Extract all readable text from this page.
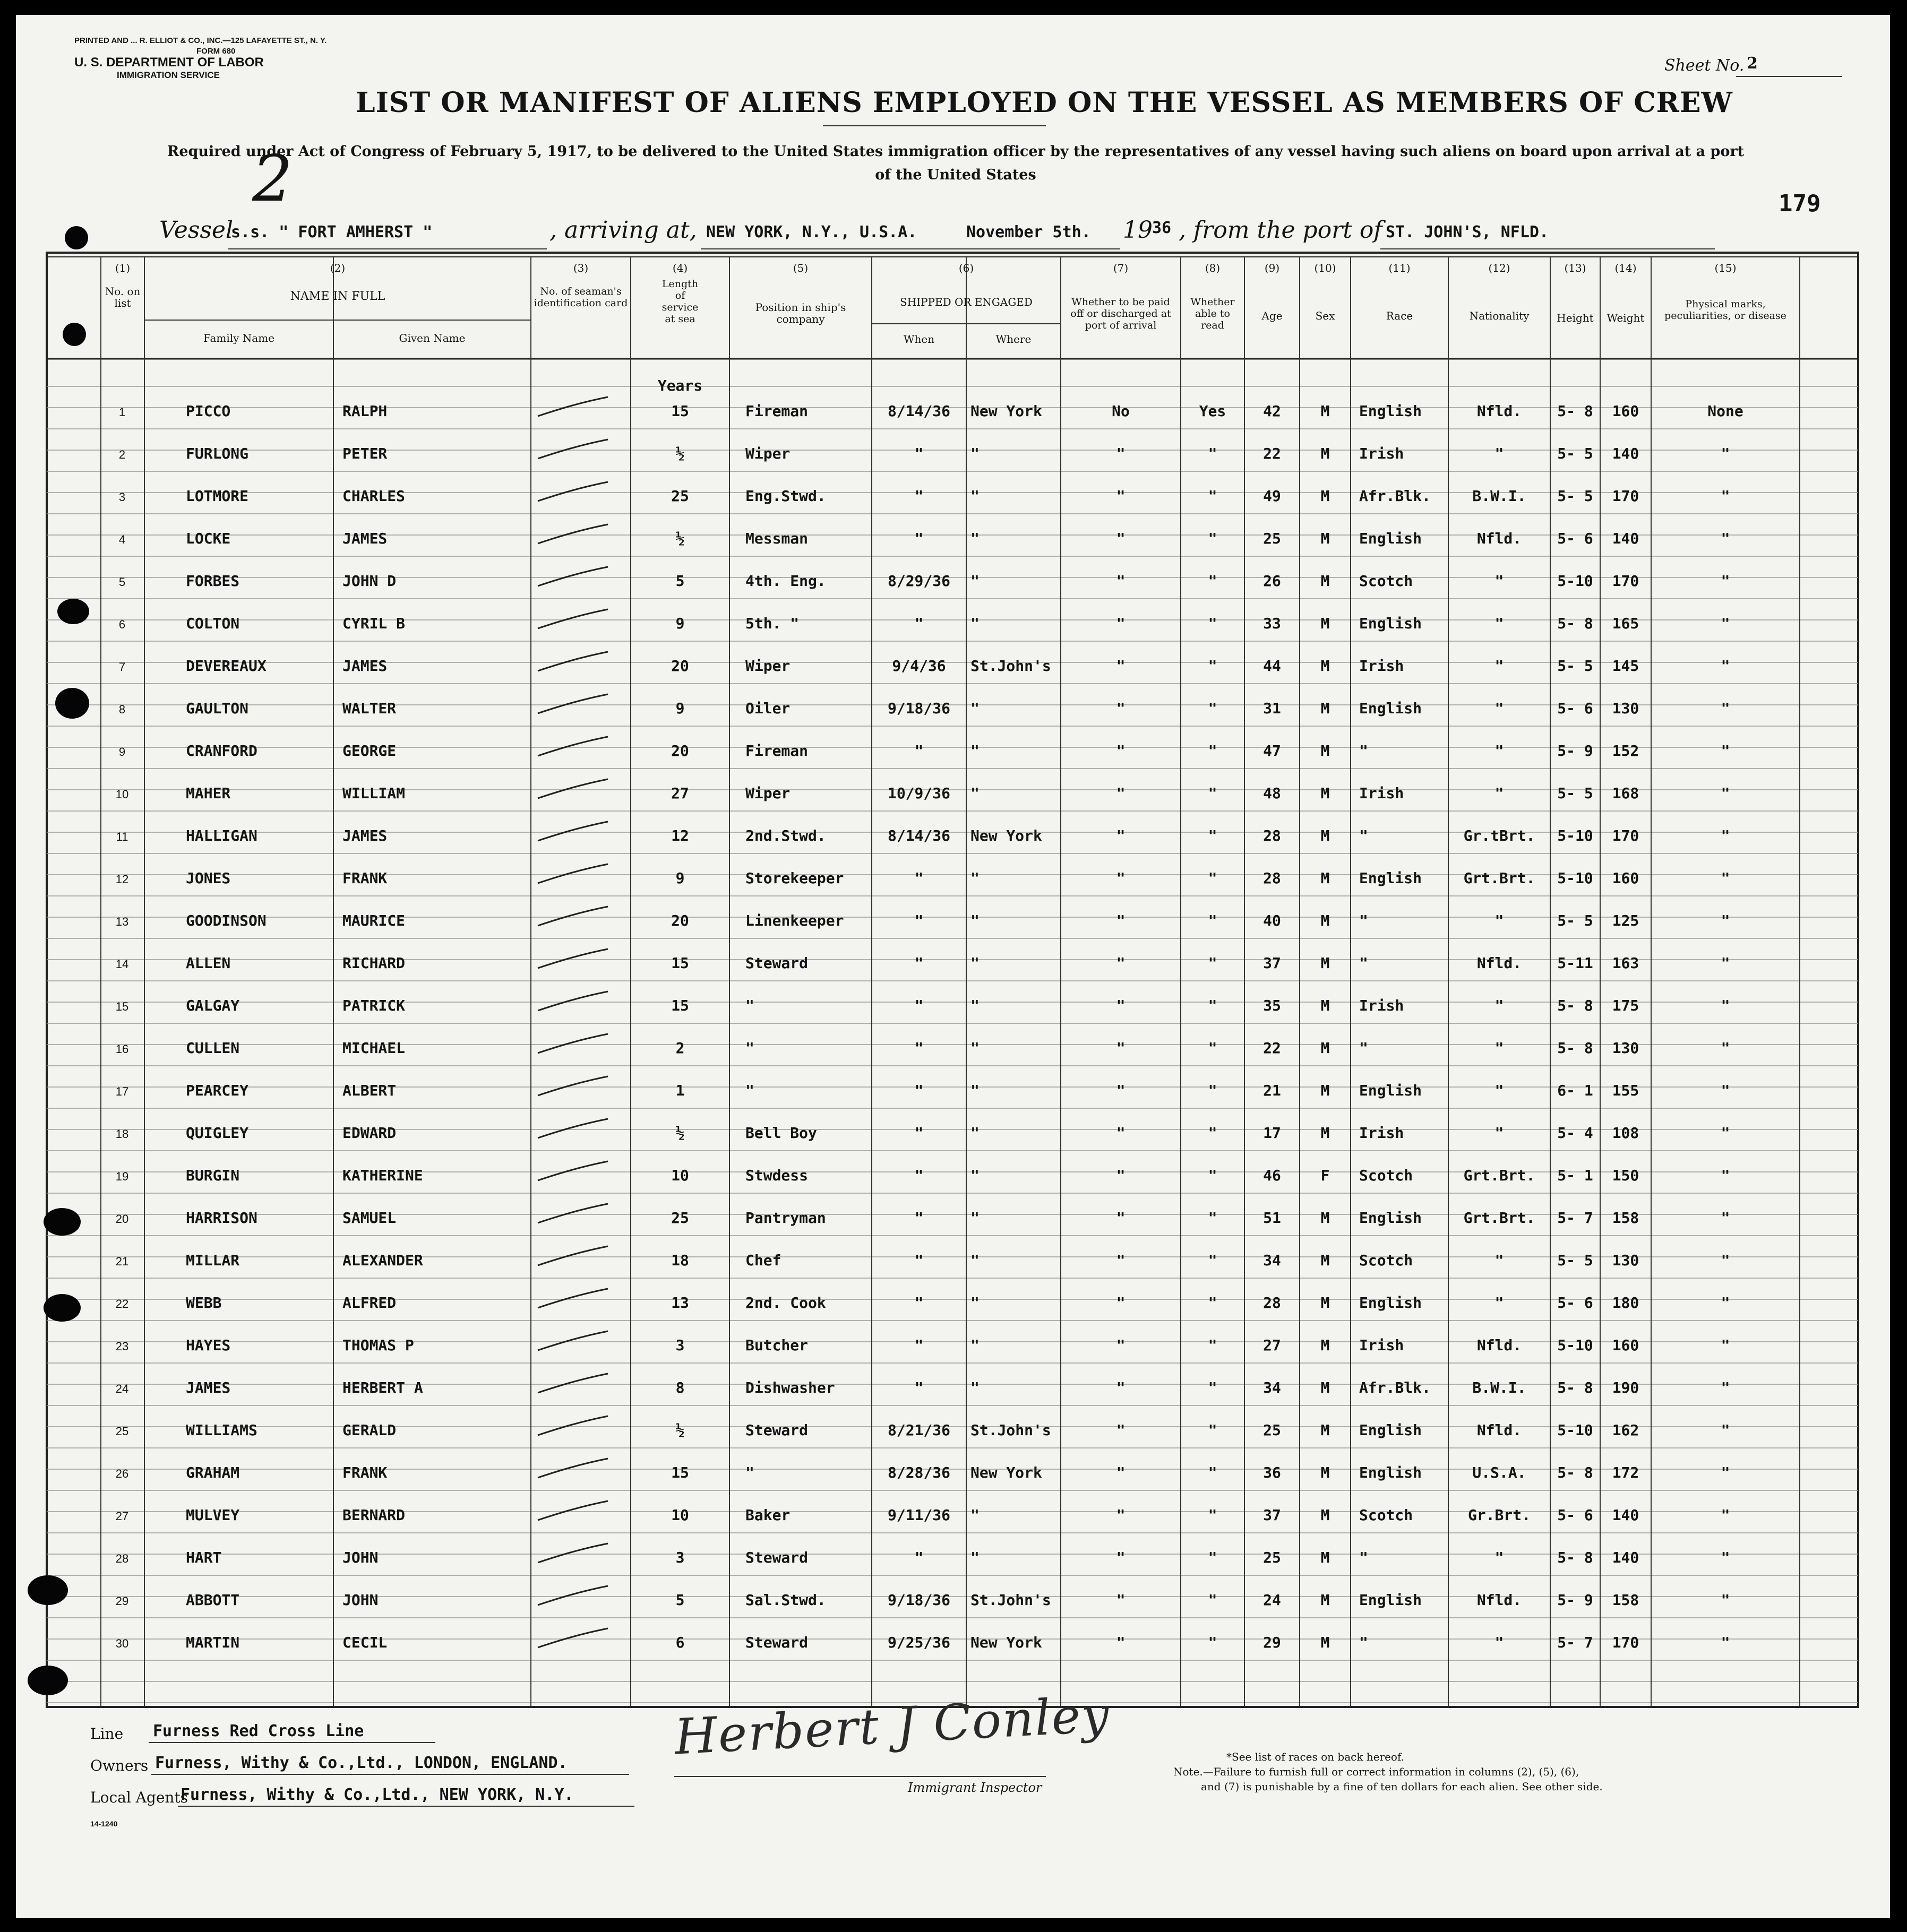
PRINTED AND ... R. ELLIOT & CO., INC.—125 LAFAYETTE ST., N. Y.
FORM 680
U. S. DEPARTMENT OF LABOR
IMMIGRATION SERVICE
Sheet No. 2
LIST OR MANIFEST OF ALIENS EMPLOYED ON THE VESSEL AS MEMBERS OF CREW
Required under Act of Congress of February 5, 1917, to be delivered to the United States immigration officer by the representatives of any vessel having such aliens on board upon arrival at a port of the United States
2	179
Vessel
s.s. " FORT AMHERST "	, arriving at, NEW YORK, N.Y., U.S.A.	November 5th. 19 36 , from the port of ST. JOHN'S, NFLD.
(1)
No. on list
(2)
NAME IN FULL
Family Name	Given Name
(3)
No. of seaman's identification card
(4)
Length of service at sea
(5)
Position in ship's company
(6)
SHIPPED OR ENGAGED
When	Where
(7)
Whether to be paid off or discharged at port of arrival
(8)
Whether able to read
(9)
Age
(10)
Sex
(11)
Race
(12)
Nationality
(13)
Height
(14)
Weight
(15)
Physical marks, peculiarities, or disease
Years
1	PICCO	RALPH	15	Fireman	8/14/36	New York	No	Yes	42	M	English	Nfld.	5- 8	160	None
2	FURLONG	PETER	½	Wiper	"	"	"	"	22	M	Irish	"	5- 5	140	"
3	LOTMORE	CHARLES	25	Eng.Stwd.	"	"	"	"	49	M	Afr.Blk.	B.W.I.	5- 5	170	"
4	LOCKE	JAMES	½	Messman	"	"	"	"	25	M	English	Nfld.	5- 6	140	"
5	FORBES	JOHN D	5	4th. Eng.	8/29/36	"	"	"	26	M	Scotch	"	5-10	170	"
6	COLTON	CYRIL B	9	5th. "	"	"	"	"	33	M	English	"	5- 8	165	"
7	DEVEREAUX	JAMES	20	Wiper	9/4/36	St.John's	"	"	44	M	Irish	"	5- 5	145	"
8	GAULTON	WALTER	9	Oiler	9/18/36	"	"	"	31	M	English	"	5- 6	130	"
9	CRANFORD	GEORGE	20	Fireman	"	"	"	"	47	M	"	"	5- 9	152	"
10	MAHER	WILLIAM	27	Wiper	10/9/36	"	"	"	48	M	Irish	"	5- 5	168	"
11	HALLIGAN	JAMES	12	2nd.Stwd.	8/14/36	New York	"	"	28	M	"	Gr.tBrt.	5-10	170	"
12	JONES	FRANK	9	Storekeeper	"	"	"	"	28	M	English	Grt.Brt.	5-10	160	"
13	GOODINSON	MAURICE	20	Linenkeeper	"	"	"	"	40	M	"	"	5- 5	125	"
14	ALLEN	RICHARD	15	Steward	"	"	"	"	37	M	"	Nfld.	5-11	163	"
15	GALGAY	PATRICK	15	"	"	"	"	"	35	M	Irish	"	5- 8	175	"
16	CULLEN	MICHAEL	2	"	"	"	"	"	22	M	"	"	5- 8	130	"
17	PEARCEY	ALBERT	1	"	"	"	"	"	21	M	English	"	6- 1	155	"
18	QUIGLEY	EDWARD	½	Bell Boy	"	"	"	"	17	M	Irish	"	5- 4	108	"
19	BURGIN	KATHERINE	10	Stwdess	"	"	"	"	46	F	Scotch	Grt.Brt.	5- 1	150	"
20	HARRISON	SAMUEL	25	Pantryman	"	"	"	"	51	M	English	Grt.Brt.	5- 7	158	"
21	MILLAR	ALEXANDER	18	Chef	"	"	"	"	34	M	Scotch	"	5- 5	130	"
22	WEBB	ALFRED	13	2nd. Cook	"	"	"	"	28	M	English	"	5- 6	180	"
23	HAYES	THOMAS P	3	Butcher	"	"	"	"	27	M	Irish	Nfld.	5-10	160	"
24	JAMES	HERBERT A	8	Dishwasher	"	"	"	"	34	M	Afr.Blk.	B.W.I.	5- 8	190	"
25	WILLIAMS	GERALD	½	Steward	8/21/36	St.John's	"	"	25	M	English	Nfld.	5-10	162	"
26	GRAHAM	FRANK	15	"	8/28/36	New York	"	"	36	M	English	U.S.A.	5- 8	172	"
27	MULVEY	BERNARD	10	Baker	9/11/36	"	"	"	37	M	Scotch	Gr.Brt.	5- 6	140	"
28	HART	JOHN	3	Steward	"	"	"	"	25	M	"	"	5- 8	140	"
29	ABBOTT	JOHN	5	Sal.Stwd.	9/18/36	St.John's	"	"	24	M	English	Nfld.	5- 9	158	"
30	MARTIN	CECIL	6	Steward	9/25/36	New York	"	"	29	M	"	"	5- 7	170	"
Line Furness Red Cross Line
Owners Furness, Withy & Co.,Ltd., LONDON, ENGLAND.
Local Agents
Furness, Withy & Co.,Ltd., NEW YORK, N.Y.
14-1240
Herbert J Conley
Immigrant Inspector
*See list of races on back hereof.
Note.—Failure to furnish full or correct information in columns (2), (5), (6),
and (7) is punishable by a fine of ten dollars for each alien. See other side.
